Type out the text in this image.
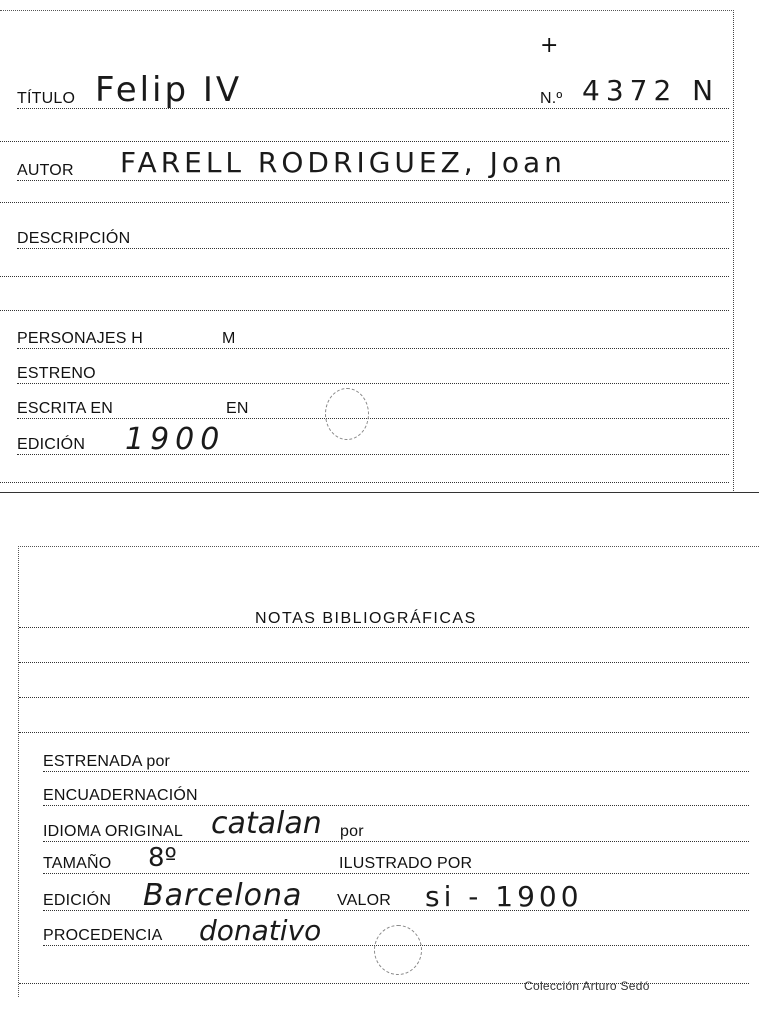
+
TÍTULO Felip IV	N.º 4372 N
AUTOR FARELL RODRIGUEZ, Joan
DESCRIPCIÓN
PERSONAJES H	M
ESTRENO
ESCRITA EN	EN
EDICIÓN 1900
NOTAS BIBLIOGRÁFICAS
ESTRENADA por
ENCUADERNACIÓN
IDIOMA ORIGINAL catalan por
TAMAÑO 8º	ILUSTRADO POR
EDICIÓN Barcelona VALOR si - 1900
PROCEDENCIA donativo
Colección Arturo Sedó
